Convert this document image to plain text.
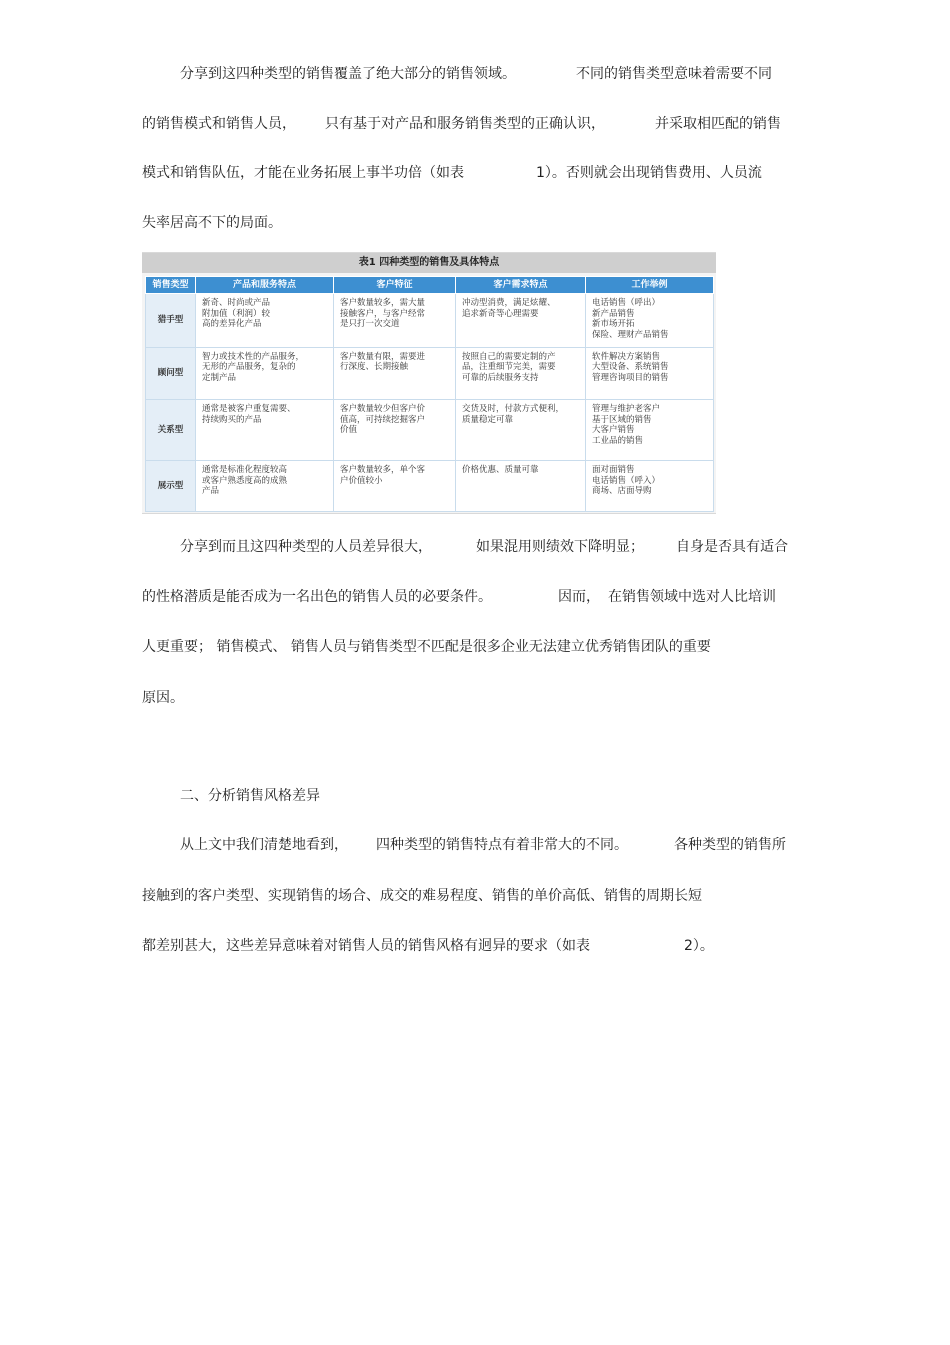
分享到这四种类型的销售覆盖了绝大部分的销售领域。	不同的销售类型意味着需要不同
的销售模式和销售人员， 只有基于对产品和服务销售类型的正确认识，	并采取相匹配的销售
模式和销售队伍，才能在业务拓展上事半功倍（如表	1）。否则就会出现销售费用、人员流
失率居高不下的局面。
表1 四种类型的销售及具体特点
销售类型	产品和服务特点	客户特征	客户需求特点	工作举例
猎手型	新奇、时尚或产品
附加值（利润）较
高的差异化产品	客户数量较多，需大量
接触客户，与客户经常
是只打一次交道	冲动型消费，满足炫耀、
追求新奇等心理需要	电话销售（呼出）
新产品销售
新市场开拓
保险、理财产品销售
顾问型	智力或技术性的产品服务，
无形的产品服务，复杂的
定制产品	客户数量有限，需要进
行深度、长期接触	按照自己的需要定制的产
品，注重细节完美，需要
可靠的后续服务支持	软件解决方案销售
大型设备、系统销售
管理咨询项目的销售
关系型	通常是被客户重复需要、
持续购买的产品	客户数量较少但客户价
值高，可持续挖掘客户
价值	交货及时，付款方式便利，
质量稳定可靠	管理与维护老客户
基于区域的销售
大客户销售
工业品的销售
展示型	通常是标准化程度较高
或客户熟悉度高的成熟
产品	客户数量较多，单个客
户价值较小	价格优惠、质量可靠	面对面销售
电话销售（呼入）
商场、店面导购
分享到而且这四种类型的人员差异很大，	如果混用则绩效下降明显； 自身是否具有适合
的性格潜质是能否成为一名出色的销售人员的必要条件。	因而， 在销售领域中选对人比培训
人更重要； 销售模式、 销售人员与销售类型不匹配是很多企业无法建立优秀销售团队的重要
原因。
二、分析销售风格差异
从上文中我们清楚地看到， 四种类型的销售特点有着非常大的不同。	各种类型的销售所
接触到的客户类型、实现销售的场合、成交的难易程度、销售的单价高低、销售的周期长短
都差别甚大，这些差异意味着对销售人员的销售风格有迥异的要求（如表	2）。
